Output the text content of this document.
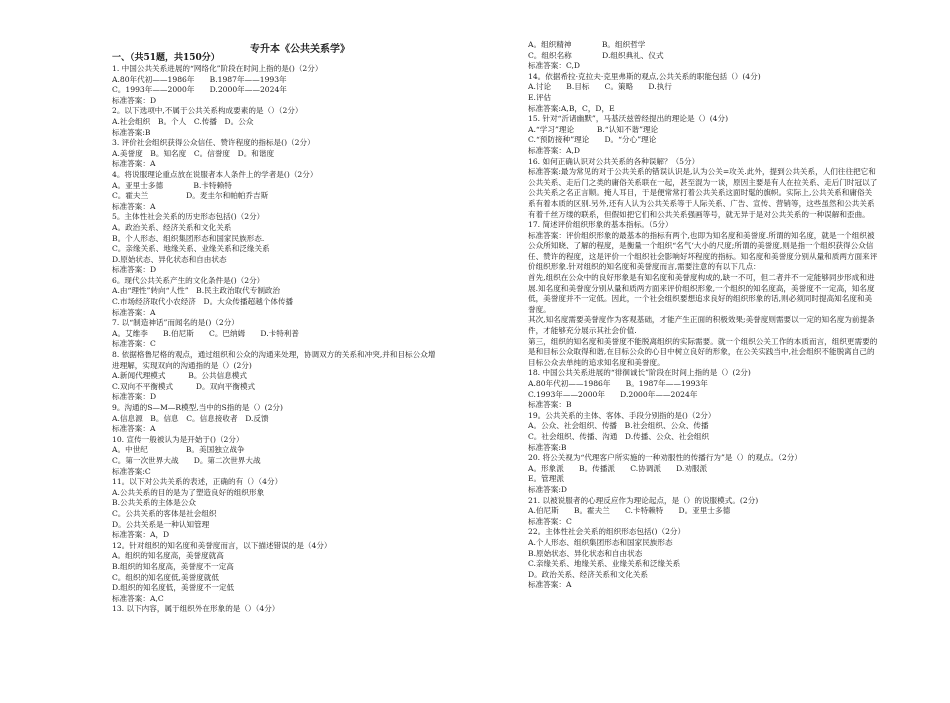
专升本《公共关系学》
一、（共51题，共150分）
1. 中国公共关系进展的“网络化”阶段在时间上指的是()（2分）
A.80年代初——1986年　　B.1987年——1993年
C。1993年——2000年　　D.2000年——2024年
标准答案：D
2。以下选项中,不属于公共关系构成要素的是（）（2分）
A.社会组织　B。个人　C.传播　D。公众
标准答案:B
3. 评价社会组织获得公众信任、赞许程度的指标是()（2分）
A.美誉度　B。知名度　C。信誉度　D。和谐度
标准答案：A
4。将说服理论重点放在说服者本人条件上的学者是()（2分）
A。亚里士多德　　　　B.卡特赖特
C。霍夫兰　　　　　D。麦圭尔和帕帕乔吉斯
标准答案：A
5。主体性社会关系的历史形态包括()（2分）
A。政治关系、经济关系和文化关系
B。个人形态、组织集团形态和国家民族形态.
C。亲缘关系、地缘关系、业缘关系和泛缘关系
D.原始状态、异化状态和自由状态
标准答案：D
6。现代公共关系产生的文化条件是()（2分）
A.由“理性”转向“人性”　B.民主政治取代专制政治
C.市场经济取代小农经济　D。大众传播超越个体传播
标准答案：A
7. 以“制造神话”而闻名的是()（2分）
A。艾维李　　B.伯尼斯　　C。巴纳姆　　D.卡特利普
标准答案：C
8. 依据格鲁尼格的观点，通过组织和公众的沟通来处理，协调双方的关系和冲突,并和目标公众增
进理解，实现双向的沟通指的是（）(2分)
A.新闻代理模式　　　B。公共信息模式
C.双向不平衡模式　　　D。双向平衡模式
标准答案：D
9。沟通的S—M—R模型,当中的S指的是（）(2分)
A.信息源　B。信息　C。信息接收者　D.反馈
标准答案：A
10. 宣传一般被认为是开始于()（2分）
A。中世纪　　　　　B。美国独立战争
C。第一次世界大战　　D。第二次世界大战
标准答案:C
11。以下对公共关系的表述，正确的有（）（4分）
A.公共关系的目的是为了塑造良好的组织形象
B.公共关系的主体是公众
C。公共关系的客体是社会组织
D。公共关系是一种认知管理
标准答案：A，D
12。针对组织的知名度和美誉度而言，以下描述错误的是（4分）
A。组织的知名度高，美誉度就高
B.组织的知名度高，美誉度不一定高
C。组织的知名度低,美誉度就低
D.组织的知名度低，美誉度不一定低
标准答案：A,C
13. 以下内容，属于组织外在形象的是（）（4分）
A。组织精神　　　　B。组织哲学
C。组织名称　　　　D.组织典礼、仪式
标准答案：C,D
14。依据希拉·克拉夫·克里弗斯的观点,公共关系的职能包括（）(4分)
A.讨论　　B.目标　　C。策略　　D.执行
E.评估
标准答案:A,B，C，D，E
15. 针对“沂诸幽默”，马基沃兹曾经提出的理论是（）(4分)
A.“学习”理论　　　B.“认知不谐”理论
C.“预防接种”理论　　D。“分心”理论
标准答案：A,D
16. 如何正确认识对公共关系的各种误解？（5分）
标准答案:最为常见的对于公共关系的错误认识是,认为公关=攻关.此外，提到公共关系，人们往往把它和公共关系、走后门之类的庸俗关系联在一起，甚至混为一谈，原因主要是有人在拉关系、走后门时冠以了公共关系之名正言顺。掩人耳目，于是便常常打着公共关系这面时髦的旗帜。实际上,公共关系和庸俗关系有着本质的区别.另外,还有人认为公共关系等于人际关系、广告、宣传、营销等，这些虽然和公共关系有着千丝万缕的联系，但假如把它们和公共关系强画等号，就无异于是对公共关系的一种误解和歪曲。
17. 简述评价组织形象的基本指标。（5分）
标准答案：评价组织形象的最基本的指标有两个,也即为知名度和美誉度.所谓的知名度，就是一个组织被公众所知晓、了解的程度，是衡量一个组织“名气‘大小的尺度;所谓的美誉度,则是指一个组织获得公众信任、赞许的程度，这是评价一个组织社会影响好坏程度的指标。知名度和美誉度分别从量和质两方面来评价组织形象.针对组织的知名度和美誉度而言,需要注意的有以下几点：
首先,组织在公众中的良好形象是有知名度和美誉度构成的,缺一不可，但二者并不一定能够同步形成和进展.知名度和美誉度分别从量和质两方面来评价组织形象,一个组织的知名度高，美誉度不一定高，知名度低，美誉度并不一定低。因此，一个社会组织要想追求良好的组织形象的话,则必须同时提高知名度和美誉度。
其次,知名度需要美誉度作为客观基础，才能产生正面的积极效果;美誉度则需要以一定的知名度为前提条件，才能够充分展示其社会价值.
第三，组织的知名度和美誉度不能脱离组织的实际需要。就一个组织公关工作的本质而言，组织更需要的是和目标公众取得和谐,在目标公众的心目中树立良好的形象，在公关实践当中,社会组织不能脱离自己的目标公众去单纯的追求知名度和美誉度。
18. 中国公共关系进展的“徘徊诚长”阶段在时间上指的是（）(2分)
A.80年代初——1986年　　B。1987年——1993年
C.1993年——2000年　　D.2000年——2024年
标准答案：B
19。公共关系的主体、客体、手段分别指的是()（2分）
A。公众、社会组织、传播　B.社会组织、公众、传播
C。社会组织、传播、沟通　D.传播、公众、社会组织
标准答案:B
20. 将公关视为“代理客户所实施的一种劝服性的传播行为”是（）的观点。（2分）
A。形象派　　B。传播派　　C.协调派　　D.劝服派
E。管理派
标准答案:D
21. 以被说服者的心理反应作为理论起点，是（）的说服模式。(2分)
A.伯尼斯　　B。霍夫兰　　C.卡特赖特　　D。亚里士多德
标准答案：C
22。主体性社会关系的组织形态包括()（2分）
A.个人形态、组织集团形态和国家民族形态
B.原始状态、异化状态和自由状态
C.亲缘关系、地缘关系、业缘关系和泛缘关系
D。政治关系、经济关系和文化关系
标准答案：A
